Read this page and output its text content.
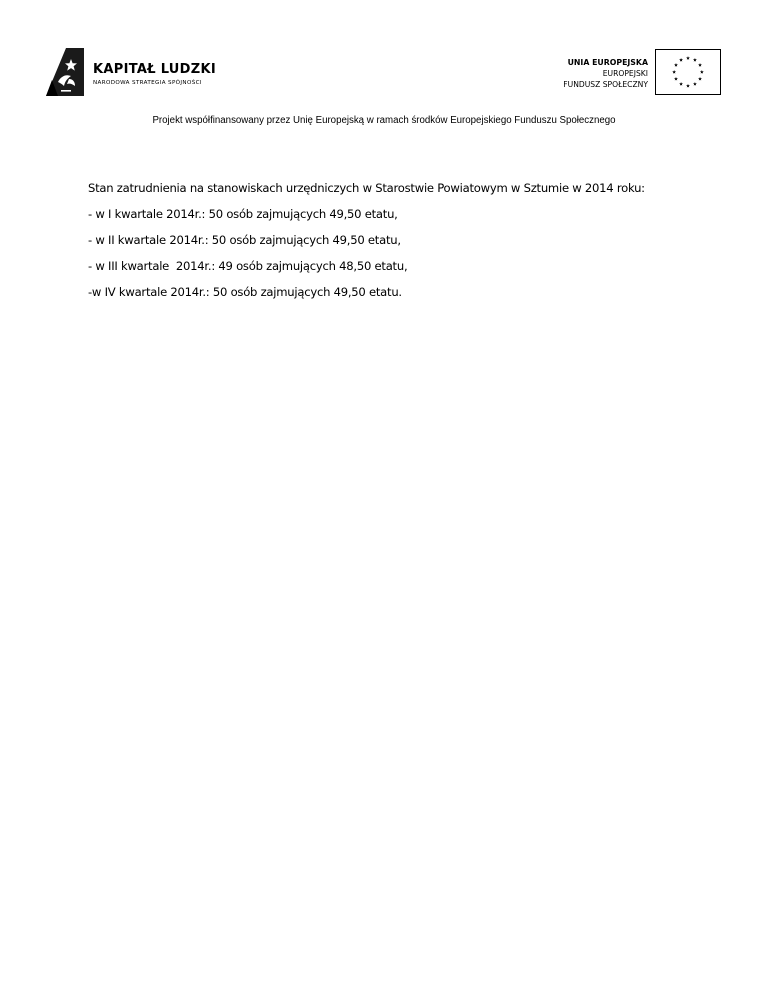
KAPITAŁ LUDZKI
NARODOWA STRATEGIA SPÓJNOŚCI
UNIA EUROPEJSKA
EUROPEJSKI
FUNDUSZ SPOŁECZNY
Projekt współfinansowany przez Unię Europejską w ramach środków Europejskiego Funduszu Społecznego

Stan zatrudnienia na stanowiskach urzędniczych w Starostwie Powiatowym w Sztumie w 2014 roku:

- w I kwartale 2014r.: 50 osób zajmujących 49,50 etatu,

- w II kwartale 2014r.: 50 osób zajmujących 49,50 etatu,

- w III kwartale  2014r.: 49 osób zajmujących 48,50 etatu,

-w IV kwartale 2014r.: 50 osób zajmujących 49,50 etatu.
